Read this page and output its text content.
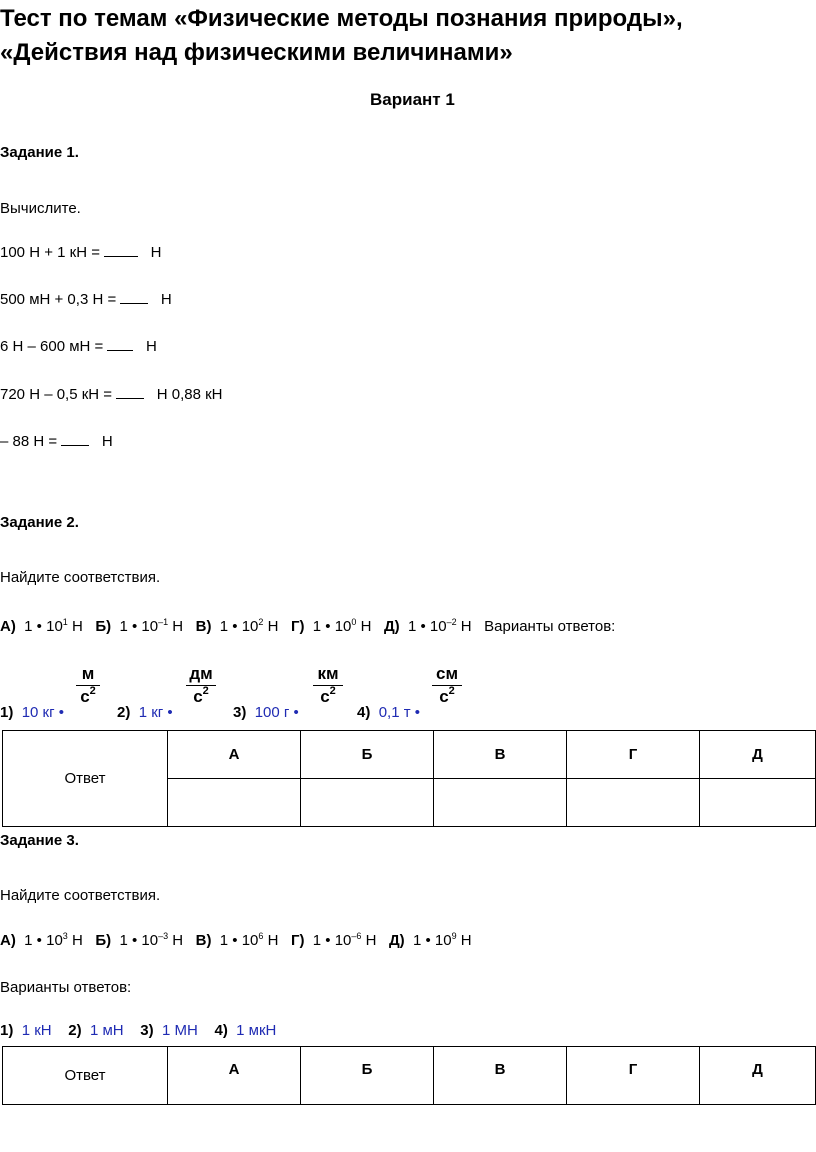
Тест по темам «Физические методы познания природы»,
«Действия над физическими величинами»
Вариант 1
Задание 1.
Вычислите.
100 Н + 1 кН =	Н
500 мН + 0,3 Н =	Н
6 Н – 600 мН =	Н
720 Н – 0,5 кН =	Н 0,88 кН
– 88 Н =	Н
Задание 2.
Найдите соответствия.
А) 1 • $10^1$ Н Б) 1 • $10^{-1}$ Н В) 1 • $10^2$ Н Г) 1 • $10^0$ Н Д) 1 • $10^{-2}$ Н Варианты ответов:
1) 10 кг •
м
$с^2$
2) 1 кг •
дм
$с^2$
3) 100 г •
км
$с^2$
4) 0,1 т •
см
$с^2$
Ответ	А	Б	В	Г	Д

Задание 3.
Найдите соответствия.
А) 1 • $10^3$ Н Б) 1 • $10^{-3}$ Н В) 1 • $10^6$ Н Г) 1 • $10^{-6}$ Н Д) 1 • $10^9$ Н
Варианты ответов:
1) 1 кН 2) 1 мН 3) 1 МН 4) 1 мкН
Ответ	А	Б	В	Г	Д
